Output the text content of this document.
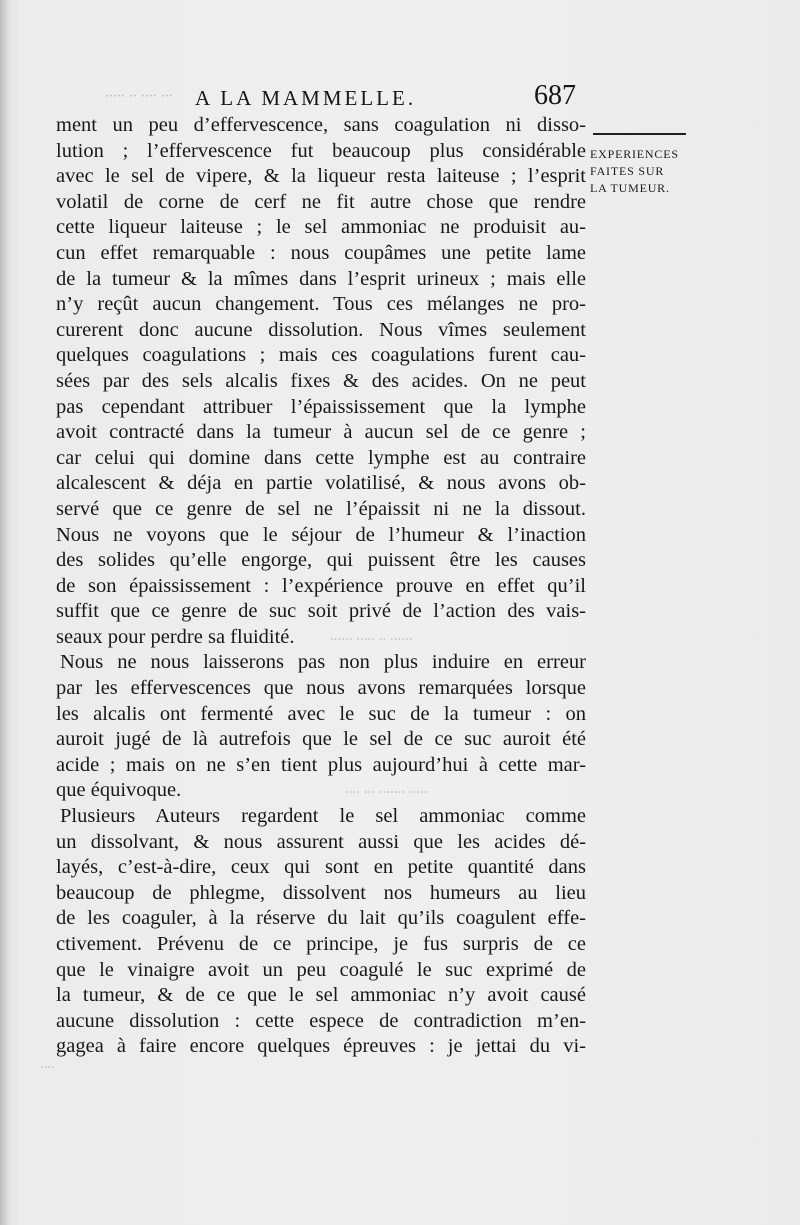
∙∙∙ ∙∙∙∙ ∙∙ ∙∙∙∙∙
∙∙∙∙∙∙ ∙∙ ∙∙∙∙∙ ∙∙∙∙∙∙
∙∙∙∙∙ ∙∙∙∙∙∙∙ ∙∙∙ ∙∙∙∙
∙∙∙∙
A LA MAMMELLE.	687
EXPERIENCES
FAITES SUR
LA TUMEUR.
ment un peu d’effervescence, sans coagulation ni disso-
lution ; l’effervescence fut beaucoup plus considérable
avec le sel de vipere, & la liqueur resta laiteuse ; l’esprit
volatil de corne de cerf ne fit autre chose que rendre
cette liqueur laiteuse ; le sel ammoniac ne produisit au-
cun effet remarquable : nous coupâmes une petite lame
de la tumeur & la mîmes dans l’esprit urineux ; mais elle
n’y reçût aucun changement. Tous ces mélanges ne pro-
curerent donc aucune dissolution. Nous vîmes seulement
quelques coagulations ; mais ces coagulations furent cau-
sées par des sels alcalis fixes & des acides. On ne peut
pas cependant attribuer l’épaississement que la lymphe
avoit contracté dans la tumeur à aucun sel de ce genre ;
car celui qui domine dans cette lymphe est au contraire
alcalescent & déja en partie volatilisé, & nous avons ob-
servé que ce genre de sel ne l’épaissit ni ne la dissout.
Nous ne voyons que le séjour de l’humeur & l’inaction
des solides qu’elle engorge, qui puissent être les causes
de son épaississement : l’expérience prouve en effet qu’il
suffit que ce genre de suc soit privé de l’action des vais-
seaux pour perdre sa fluidité.
Nous ne nous laisserons pas non plus induire en erreur
par les effervescences que nous avons remarquées lorsque
les alcalis ont fermenté avec le suc de la tumeur : on
auroit jugé de là autrefois que le sel de ce suc auroit été
acide ; mais on ne s’en tient plus aujourd’hui à cette mar-
que équivoque.
Plusieurs Auteurs regardent le sel ammoniac comme
un dissolvant, & nous assurent aussi que les acides dé-
layés, c’est-à-dire, ceux qui sont en petite quantité dans
beaucoup de phlegme, dissolvent nos humeurs au lieu
de les coaguler, à la réserve du lait qu’ils coagulent effe-
ctivement. Prévenu de ce principe, je fus surpris de ce
que le vinaigre avoit un peu coagulé le suc exprimé de
la tumeur, & de ce que le sel ammoniac n’y avoit causé
aucune dissolution : cette espece de contradiction m’en-
gagea à faire encore quelques épreuves : je jettai du vi-
